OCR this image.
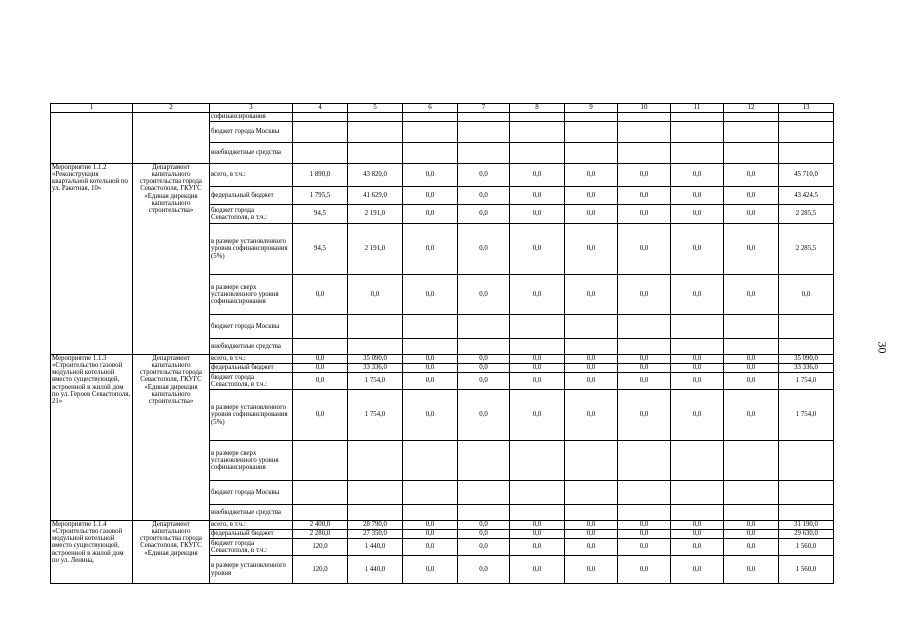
1	2	3	4	5	6	7	8	9	10	11	12	13
		софинансирования										
		бюджет города Москвы										
		внебюджетные средства										
Мероприятие 1.1.2 «Реконструкция квартальной котельной по ул. Ракетная, 10»	Департамент капитального строительства города Севастополя, ГКУГС «Единая дирекция капитального строительства»	всего, в т.ч.:	1 890,0	43 820,0	0,0	0,0	0,0	0,0	0,0	0,0	0,0	45 710,0
		федеральный бюджет	1 795,5	41 629,0	0,0	0,0	0,0	0,0	0,0	0,0	0,0	43 424,5
		бюджет города Севастополя, в т.ч.:	94,5	2 191,0	0,0	0,0	0,0	0,0	0,0	0,0	0,0	2 285,5
		в размере установленного уровня софинансирования (5%)	94,5	2 191,0	0,0	0,0	0,0	0,0	0,0	0,0	0,0	2 285,5
		в размере сверх установленного уровня софинансирования	0,0	0,0	0,0	0,0	0,0	0,0	0,0	0,0	0,0	0,0
		бюджет города Москвы										
		внебюджетные средства										
Мероприятие 1.1.3 «Строительство газовой модульной котельной вместо существующей, встроенной в жилой дом по ул. Героев Севастополя, 21»	Департамент капитального строительства города Севастополя, ГКУГС «Единая дирекция капитального строительства»	всего, в т.ч.:	0,0	35 090,0	0,0	0,0	0,0	0,0	0,0	0,0	0,0	35 090,0
		федеральный бюджет	0,0	33 336,0	0,0	0,0	0,0	0,0	0,0	0,0	0,0	33 336,0
		бюджет города Севастополя, в т.ч.:	0,0	1 754,0	0,0	0,0	0,0	0,0	0,0	0,0	0,0	1 754,0
		в размере установленного уровня софинансирования (5%)	0,0	1 754,0	0,0	0,0	0,0	0,0	0,0	0,0	0,0	1 754,0
		в размере сверх установленного уровня софинансирования										
		бюджет города Москвы										
		внебюджетные средства										
Мероприятие 1.1.4 «Строительство газовой модульной котельной вместо существующей, встроенной в жилой дом по ул. Ленина,	Департамент капитального строительства города Севастополя, ГКУГС «Единая дирекция	всего, в т.ч.:	2 400,0	28 790,0	0,0	0,0	0,0	0,0	0,0	0,0	0,0	31 190,0
		федеральный бюджет	2 280,0	27 350,0	0,0	0,0	0,0	0,0	0,0	0,0	0,0	29 630,0
		бюджет города Севастополя, в т.ч.:	120,0	1 440,0	0,0	0,0	0,0	0,0	0,0	0,0	0,0	1 560,0
		в размере установленного уровня	120,0	1 440,0	0,0	0,0	0,0	0,0	0,0	0,0	0,0	1 560,0
30
